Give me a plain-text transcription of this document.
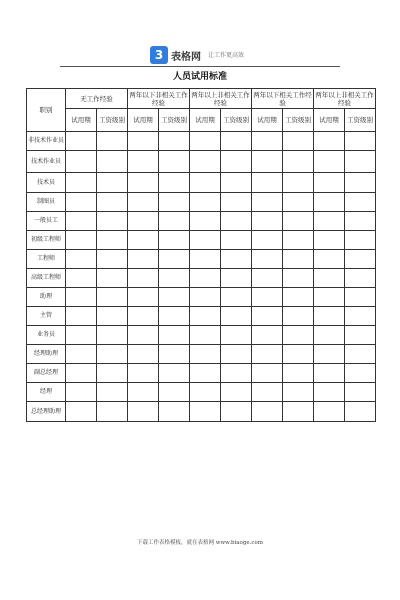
3 表格网 让工作更高效
人员试用标准
职别	无工作经验		两年以下非相关工作经验		两年以上非相关工作经验		两年以下相关工作经验		两年以上非相关工作经验	
	试用期	工资级别	试用期	工资级别	试用期	工资级别	试用期	工资级别	试用期	工资级别
非技术作业员										
技术作业员										
技术员										
制图员										
一般员工										
初级工程师										
工程师										
高级工程师										
助理										
主管										
业务员										
经理助理										
副总经理										
经理										
总经理助理										
下载工作表格模板，就在表格网 www.biaoge.com
